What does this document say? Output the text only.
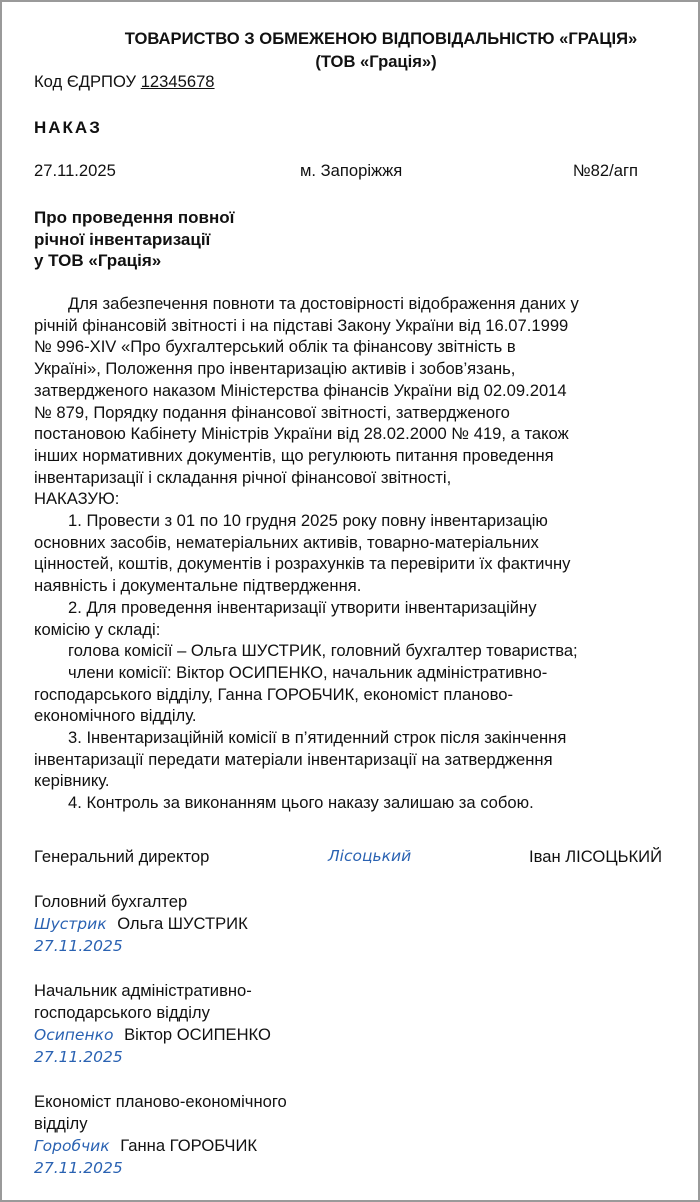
ТОВАРИСТВО З ОБМЕЖЕНОЮ ВІДПОВІДАЛЬНІСТЮ «ГРАЦІЯ»
(ТОВ «Грація»)
Код ЄДРПОУ 12345678
НАКАЗ
27.11.2025	м. Запоріжжя	№82/агп
Про проведення повної
річної інвентаризації
у ТОВ «Грація»
Для забезпечення повноти та достовірності відображення даних у
річній фінансовій звітності і на підставі Закону України від 16.07.1999
№ 996-XIV «Про бухгалтерський облік та фінансову звітність в
Україні», Положення про інвентаризацію активів і зобов’язань,
затвердженого наказом Міністерства фінансів України від 02.09.2014
№ 879, Порядку подання фінансової звітності, затвердженого
постановою Кабінету Міністрів України від 28.02.2000 № 419, а також
інших нормативних документів, що регулюють питання проведення
інвентаризації і складання річної фінансової звітності,
НАКАЗУЮ:
1. Провести з 01 по 10 грудня 2025 року повну інвентаризацію
основних засобів, нематеріальних активів, товарно-матеріальних
цінностей, коштів, документів і розрахунків та перевірити їх фактичну
наявність і документальне підтвердження.
2. Для проведення інвентаризації утворити інвентаризаційну
комісію у складі:
голова комісії – Ольга ШУСТРИК, головний бухгалтер товариства;
члени комісії: Віктор ОСИПЕНКО, начальник адміністративно-
господарського відділу, Ганна ГОРОБЧИК, економіст планово-
економічного відділу.
3. Інвентаризаційній комісії в п’ятиденний строк після закінчення
інвентаризації передати матеріали інвентаризації на затвердження
керівнику.
4. Контроль за виконанням цього наказу залишаю за собою.
Генеральний директор	Лісоцький	Іван ЛІСОЦЬКИЙ
Головний бухгалтер
Шустрик Ольга ШУСТРИК
27.11.2025
Начальник адміністративно-
господарського відділу
Осипенко Віктор ОСИПЕНКО
27.11.2025
Економіст планово-економічного
відділу
Горобчик Ганна ГОРОБЧИК
27.11.2025
